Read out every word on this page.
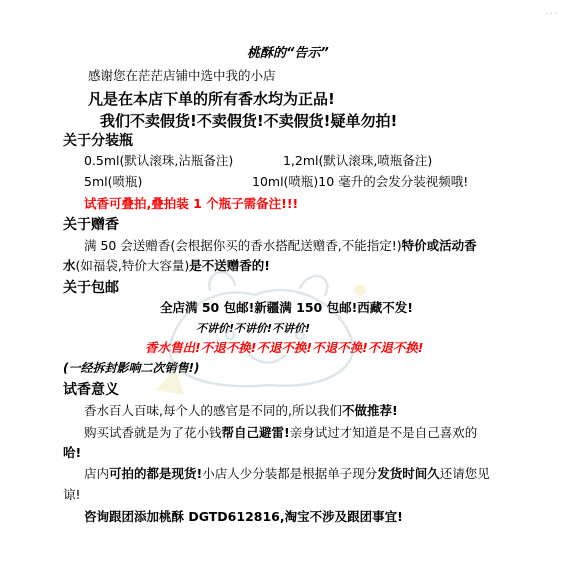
...
桃酥的“告示”
感谢您在茫茫店铺中选中我的小店
凡是在本店下单的所有香水均为正品!
我们不卖假货!不卖假货!不卖假货!疑单勿拍!
关于分装瓶
0.5ml(默认滚珠,沾瓶备注)	1,2ml(默认滚珠,喷瓶备注)
5ml(喷瓶)	10ml(喷瓶)10 毫升的会发分装视频哦!
试香可叠拍,叠拍装 1 个瓶子需备注!!!
关于赠香
满 50 会送赠香(会根据你买的香水搭配送赠香,不能指定!)特价或活动香
水(如福袋,特价大容量)是不送赠香的!
关于包邮
全店满 50 包邮!新疆满 150 包邮!西藏不发!
不讲价!不讲价!不讲价!
香水售出!不退不换!不退不换!不退不换!不退不换!
(一经拆封影响二次销售!)
试香意义
香水百人百味,每个人的感官是不同的,所以我们不做推荐!
购买试香就是为了花小钱帮自己避雷!亲身试过才知道是不是自己喜欢的
哈!
店内可拍的都是现货!小店人少分装都是根据单子现分发货时间久还请您见
谅!
咨询跟团添加桃酥 DGTD612816,淘宝不涉及跟团事宜!
